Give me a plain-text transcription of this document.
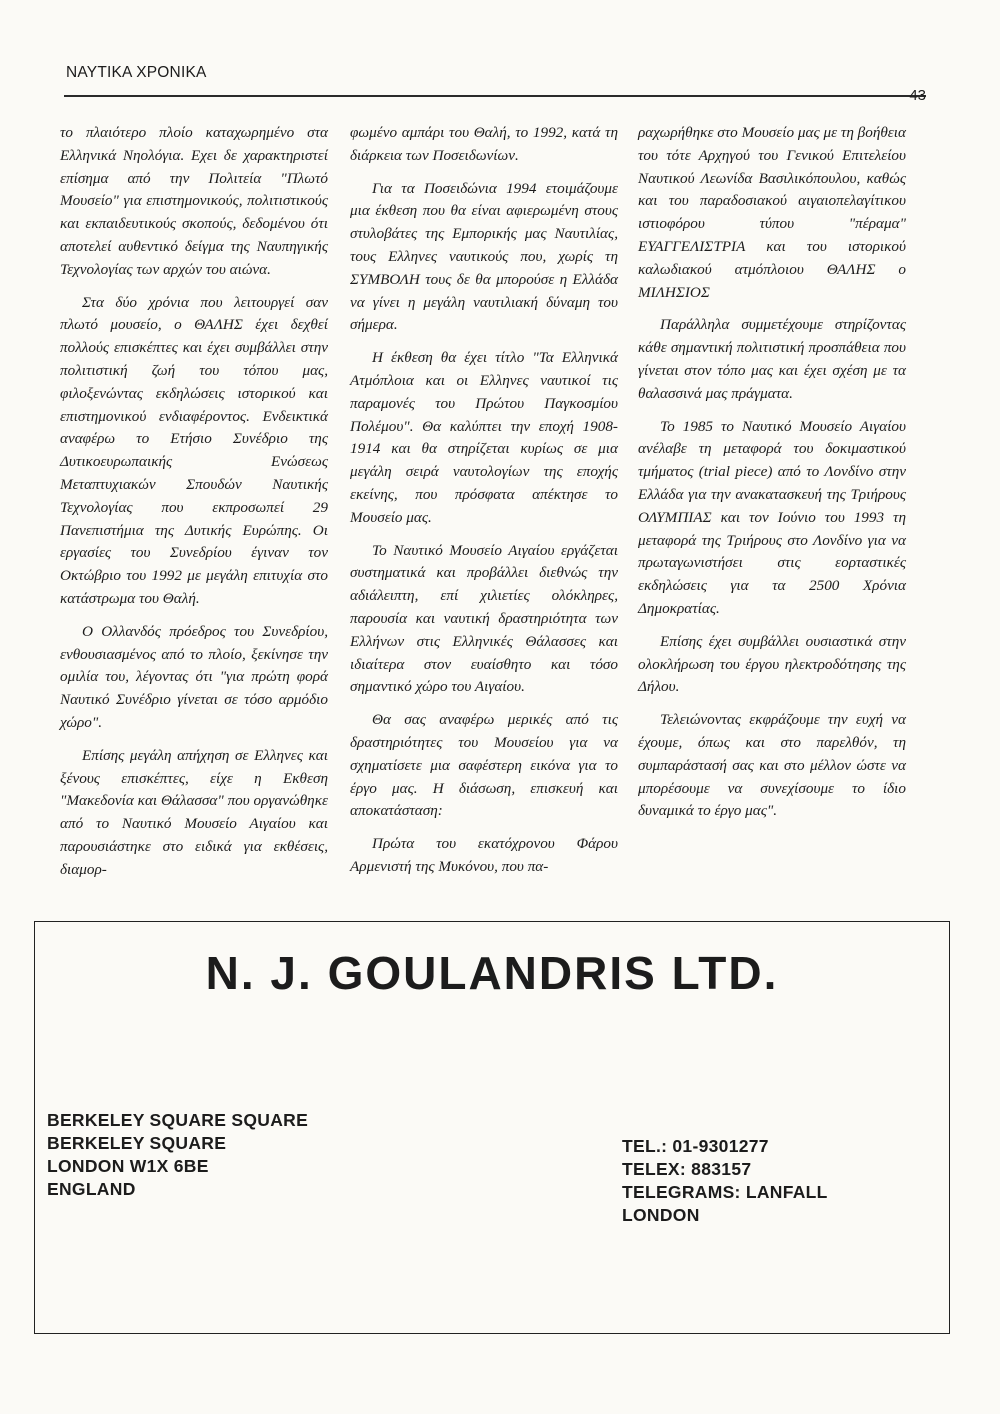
ΝΑΥΤΙΚΑ ΧΡΟΝΙΚΑ
43

το πλαιότερο πλοίο καταχωρημένο στα Ελληνικά Νηολόγια. Εχει δε χαρακτηριστεί επίσημα από την Πολιτεία "Πλωτό Μουσείο" για επιστημονικούς, πολιτιστικούς και εκπαιδευτικούς σκοπούς, δεδομένου ότι αποτελεί αυθεντικό δείγμα της Ναυπηγικής Τεχνολογίας των αρχών του αιώνα.

Στα δύο χρόνια που λειτουργεί σαν πλωτό μουσείο, ο ΘΑΛΗΣ έχει δεχθεί πολλούς επισκέπτες και έχει συμβάλλει στην πολιτιστική ζωή του τόπου μας, φιλοξενώντας εκδηλώσεις ιστορικού και επιστημονικού ενδιαφέροντος. Ενδεικτικά αναφέρω το Ετήσιο Συνέδριο της Δυτικοευρωπαικής Ενώσεως Μεταπτυχιακών Σπουδών Ναυτικής Τεχνολογίας που εκπροσωπεί 29 Πανεπιστήμια της Δυτικής Ευρώπης. Οι εργασίες του Συνεδρίου έγιναν τον Οκτώβριο του 1992 με μεγάλη επιτυχία στο κατάστρωμα του Θαλή.

Ο Ολλανδός πρόεδρος του Συνεδρίου, ενθουσιασμένος από το πλοίο, ξεκίνησε την ομιλία του, λέγοντας ότι "για πρώτη φορά Ναυτικό Συνέδριο γίνεται σε τόσο αρμόδιο χώρο".

Επίσης μεγάλη απήχηση σε Ελληνες και ξένους επισκέπτες, είχε η Εκθεση "Μακεδονία και Θάλασσα" που οργανώθηκε από το Ναυτικό Μουσείο Αιγαίου και παρουσιάστηκε στο ειδικά για εκθέσεις, διαμορ-

φωμένο αμπάρι του Θαλή, το 1992, κατά τη διάρκεια των Ποσειδωνίων.

Για τα Ποσειδώνια 1994 ετοιμάζουμε μια έκθεση που θα είναι αφιερωμένη στους στυλοβάτες της Εμπορικής μας Ναυτιλίας, τους Ελληνες ναυτικούς που, χωρίς τη ΣΥΜΒΟΛΗ τους δε θα μπορούσε η Ελλάδα να γίνει η μεγάλη ναυτιλιακή δύναμη του σήμερα.

Η έκθεση θα έχει τίτλο "Τα Ελληνικά Ατμόπλοια και οι Ελληνες ναυτικοί τις παραμονές του Πρώτου Παγκοσμίου Πολέμου". Θα καλύπτει την εποχή 1908-1914 και θα στηρίζεται κυρίως σε μια μεγάλη σειρά ναυτολογίων της εποχής εκείνης, που πρόσφατα απέκτησε το Μουσείο μας.

Το Ναυτικό Μουσείο Αιγαίου εργάζεται συστηματικά και προβάλλει διεθνώς την αδιάλειπτη, επί χιλιετίες ολόκληρες, παρουσία και ναυτική δραστηριότητα των Ελλήνων στις Ελληνικές Θάλασσες και ιδιαίτερα στον ευαίσθητο και τόσο σημαντικό χώρο του Αιγαίου.

Θα σας αναφέρω μερικές από τις δραστηριότητες του Μουσείου για να σχηματίσετε μια σαφέστερη εικόνα για το έργο μας. Η διάσωση, επισκευή και αποκατάσταση:

Πρώτα του εκατόχρονου Φάρου Αρμενιστή της Μυκόνου, που πα-

ραχωρήθηκε στο Μουσείο μας με τη βοήθεια του τότε Αρχηγού του Γενικού Επιτελείου Ναυτικού Λεωνίδα Βασιλικόπουλου, καθώς και του παραδοσιακού αιγαιοπελαγίτικου ιστιοφόρου τύπου "πέραμα" ΕΥΑΓΓΕΛΙΣΤΡΙΑ και του ιστορικού καλωδιακού ατμόπλοιου ΘΑΛΗΣ ο ΜΙΛΗΣΙΟΣ

Παράλληλα συμμετέχουμε στηρίζοντας κάθε σημαντική πολιτιστική προσπάθεια που γίνεται στον τόπο μας και έχει σχέση με τα θαλασσινά μας πράγματα.

Το 1985 το Ναυτικό Μουσείο Αιγαίου ανέλαβε τη μεταφορά του δοκιμαστικού τμήματος (trial piece) από το Λονδίνο στην Ελλάδα για την ανακατασκευή της Τριήρους ΟΛΥΜΠΙΑΣ και τον Ιούνιο του 1993 τη μεταφορά της Τριήρους στο Λονδίνο για να πρωταγωνιστήσει στις εορταστικές εκδηλώσεις για τα 2500 Χρόνια Δημοκρατίας.

Επίσης έχει συμβάλλει ουσιαστικά στην ολοκλήρωση του έργου ηλεκτροδότησης της Δήλου.

Τελειώνοντας εκφράζουμε την ευχή να έχουμε, όπως και στο παρελθόν, τη συμπαράστασή σας και στο μέλλον ώστε να μπορέσουμε να συνεχίσουμε το ίδιο δυναμικά το έργο μας".

N. J. GOULANDRIS LTD.
BERKELEY SQUARE SQUARE
BERKELEY SQUARE
LONDON W1X 6BE
ENGLAND
TEL.: 01-9301277
TELEX: 883157
TELEGRAMS: LANFALL
LONDON
